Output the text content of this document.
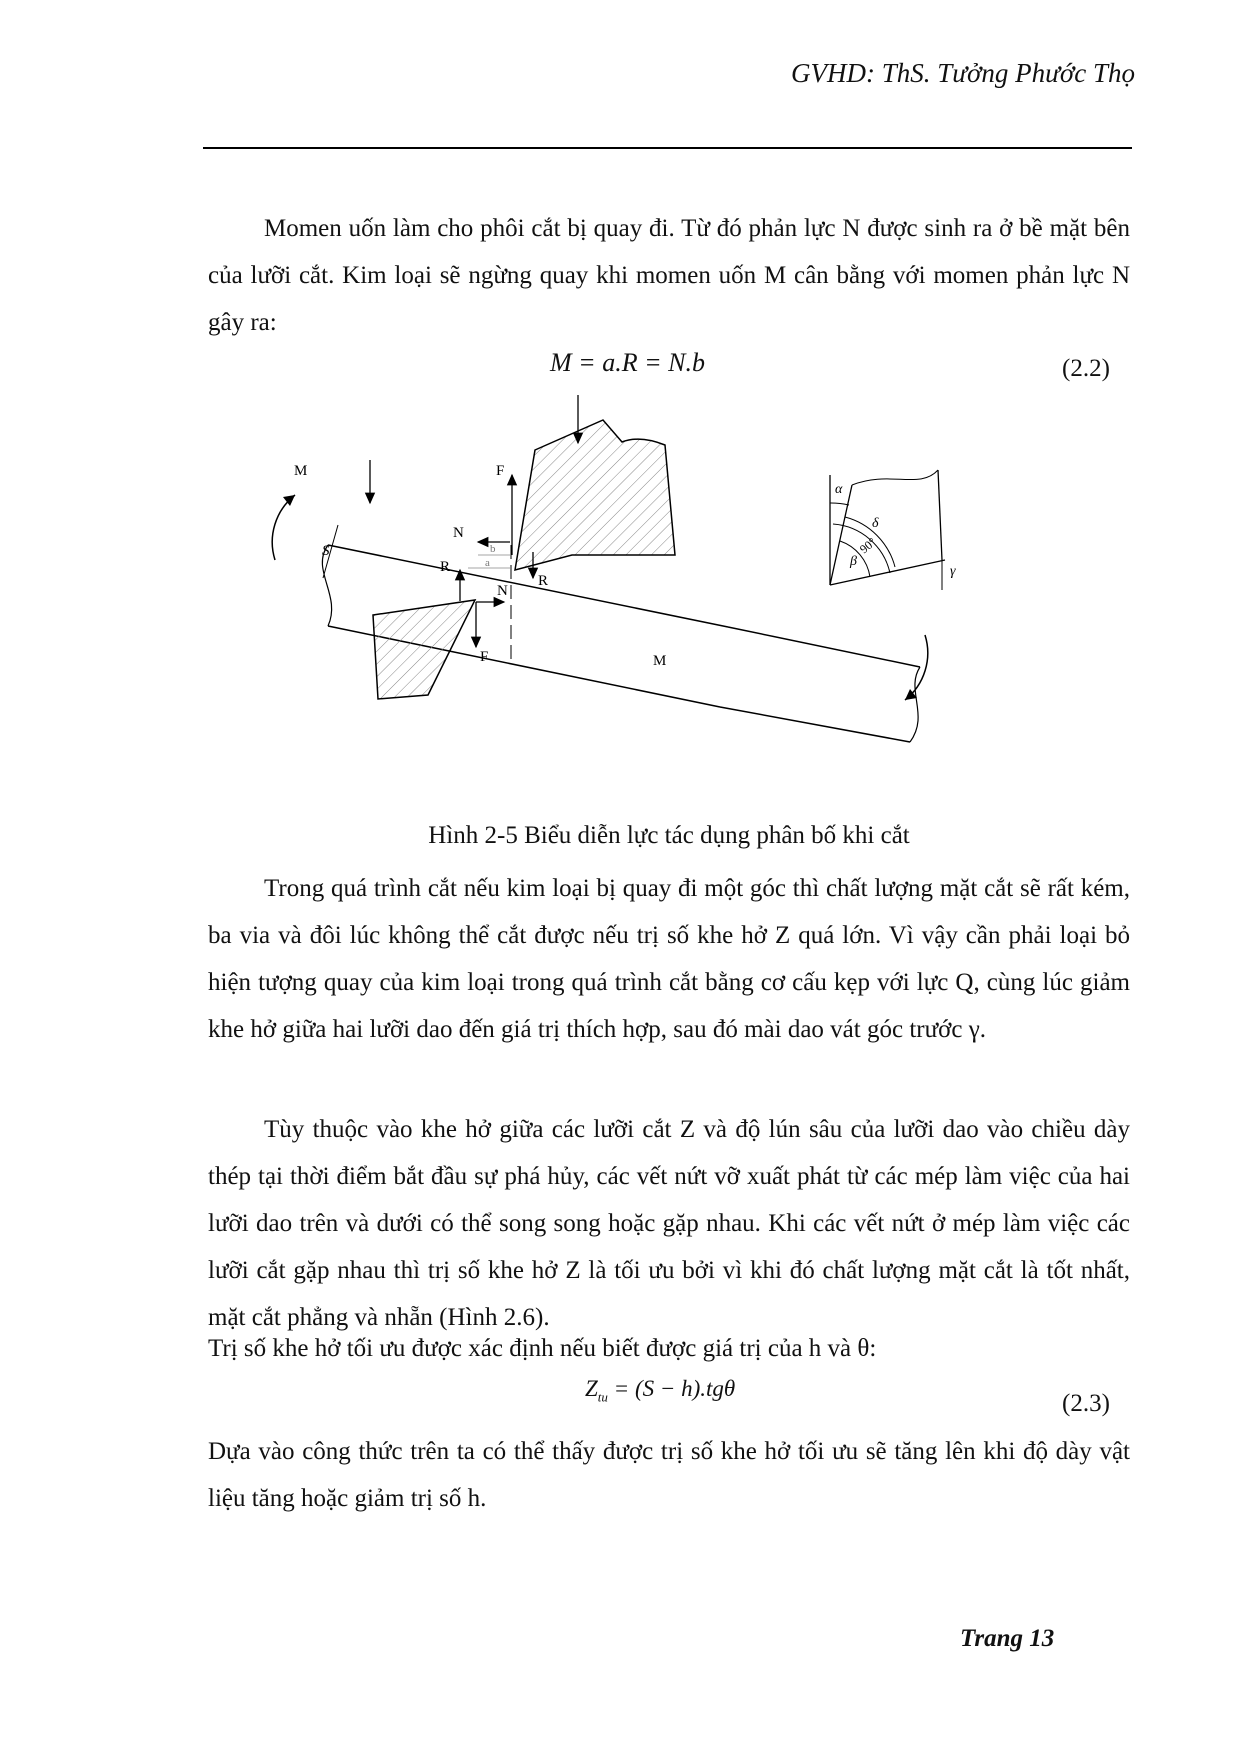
GVHD: ThS. Tưởng Phước Thọ
Momen uốn làm cho phôi cắt bị quay đi. Từ đó phản lực N được sinh ra ở bề mặt bên của lưỡi cắt. Kim loại sẽ ngừng quay khi momen uốn M cân bằng với momen phản lực N gây ra:
M = a.R = N.b	(2.2)
M
M
S
F
F
N
N
R
R
b
a
α
δ
β
γ
90°
Hình 2-5 Biểu diễn lực tác dụng phân bố khi cắt
Trong quá trình cắt nếu kim loại bị quay đi một góc thì chất lượng mặt cắt sẽ rất kém, ba via và đôi lúc không thể cắt được nếu trị số khe hở Z quá lớn. Vì vậy cần phải loại bỏ hiện tượng quay của kim loại trong quá trình cắt bằng cơ cấu kẹp với lực Q, cùng lúc giảm khe hở giữa hai lưỡi dao đến giá trị thích hợp, sau đó mài dao vát góc trước γ.
Tùy thuộc vào khe hở giữa các lưỡi cắt Z và độ lún sâu của lưỡi dao vào chiều dày thép tại thời điểm bắt đầu sự phá hủy, các vết nứt vỡ xuất phát từ các mép làm việc của hai lưỡi dao trên và dưới có thể song song hoặc gặp nhau. Khi các vết nứt ở mép làm việc các lưỡi cắt gặp nhau thì trị số khe hở Z là tối ưu bởi vì khi đó chất lượng mặt cắt là tốt nhất, mặt cắt phẳng và nhẵn (Hình 2.6).
Trị số khe hở tối ưu được xác định nếu biết được giá trị của h và θ:
$Z_{tu} = (S - h).tg\theta$
(2.3)
Dựa vào công thức trên ta có thể thấy được trị số khe hở tối ưu sẽ tăng lên khi độ dày vật liệu tăng hoặc giảm trị số h.
Trang 13
